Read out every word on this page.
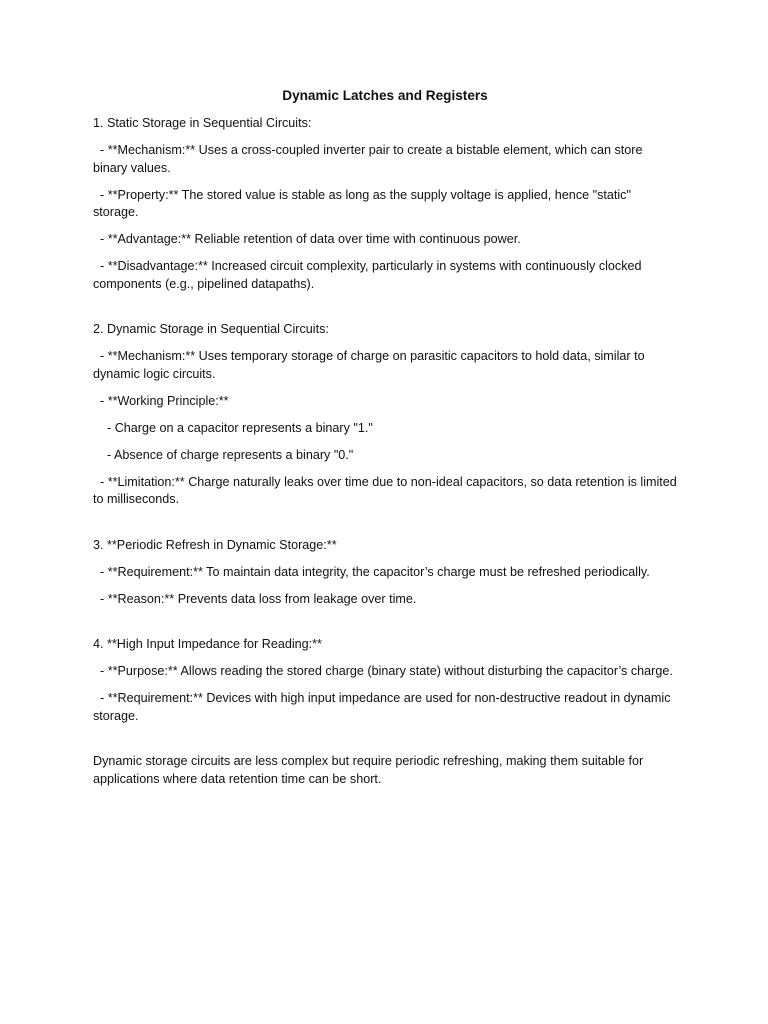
Dynamic Latches and Registers
1. Static Storage in Sequential Circuits:
- **Mechanism:** Uses a cross-coupled inverter pair to create a bistable element, which can store binary values.
- **Property:** The stored value is stable as long as the supply voltage is applied, hence "static" storage.
- **Advantage:** Reliable retention of data over time with continuous power.
- **Disadvantage:** Increased circuit complexity, particularly in systems with continuously clocked components (e.g., pipelined datapaths).
2. Dynamic Storage in Sequential Circuits:
- **Mechanism:** Uses temporary storage of charge on parasitic capacitors to hold data, similar to dynamic logic circuits.
- **Working Principle:**
- Charge on a capacitor represents a binary "1."
- Absence of charge represents a binary "0."
- **Limitation:** Charge naturally leaks over time due to non-ideal capacitors, so data retention is limited to milliseconds.
3. **Periodic Refresh in Dynamic Storage:**
- **Requirement:** To maintain data integrity, the capacitor’s charge must be refreshed periodically.
- **Reason:** Prevents data loss from leakage over time.
4. **High Input Impedance for Reading:**
- **Purpose:** Allows reading the stored charge (binary state) without disturbing the capacitor’s charge.
- **Requirement:** Devices with high input impedance are used for non-destructive readout in dynamic storage.
Dynamic storage circuits are less complex but require periodic refreshing, making them suitable for applications where data retention time can be short.
